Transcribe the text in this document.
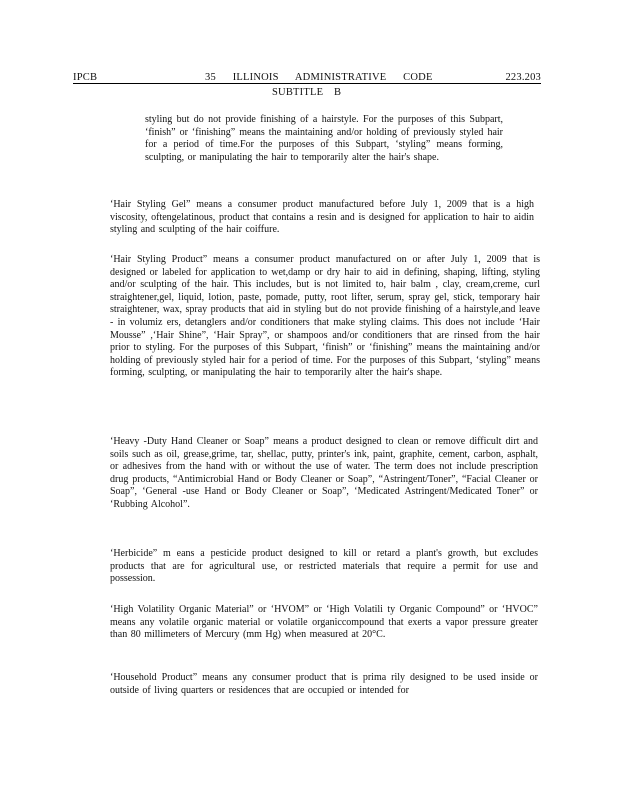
IPCB	35 ILLINOIS ADMINISTRATIVE CODE	223.203
SUBTITLE B
styling but do not provide finishing of a hairstyle. For the purposes of this Subpart, ‘finish” or ‘finishing” means the maintaining and/or holding of previously styled hair for a period of time.For the purposes of this Subpart, ‘styling” means forming, sculpting, or manipulating the hair to temporarily alter the hair's shape.
‘Hair Styling Gel” means a consumer product manufactured before July 1, 2009 that is a high viscosity, oftengelatinous, product that contains a resin and is designed for application to hair to aidin styling and sculpting of the hair coiffure.
‘Hair Styling Product” means a consumer product manufactured on or after July 1, 2009 that is designed or labeled for application to wet,damp or dry hair to aid in defining, shaping, lifting, styling and/or sculpting of the hair. This includes, but is not limited to, hair balm , clay, cream,creme, curl straightener,gel, liquid, lotion, paste, pomade, putty, root lifter, serum, spray gel, stick, temporary hair straightener, wax, spray products that aid in styling but do not provide finishing of a hairstyle,and leave - in volumiz ers, detanglers and/or conditioners that make styling claims. This does not include ‘Hair Mousse” ,‘Hair Shine”, ‘Hair Spray”, or shampoos and/or conditioners that are rinsed from the hair prior to styling. For the purposes of this Subpart, ‘finish” or ‘finishing” means the maintaining and/or holding of previously styled hair for a period of time. For the purposes of this Subpart, ‘styling” means forming, sculpting, or manipulating the hair to temporarily alter the hair's shape.
‘Heavy -Duty Hand Cleaner or Soap” means a product designed to clean or remove difficult dirt and soils such as oil, grease,grime, tar, shellac, putty, printer's ink, paint, graphite, cement, carbon, asphalt, or adhesives from the hand with or without the use of water. The term does not include prescription drug products, “Antimicrobial Hand or Body Cleaner or Soap”, “Astringent/Toner”, “Facial Cleaner or Soap”, ‘General -use Hand or Body Cleaner or Soap”, ‘Medicated Astringent/Medicated Toner” or ‘Rubbing Alcohol”.
‘Herbicide” m eans a pesticide product designed to kill or retard a plant's growth, but excludes products that are for agricultural use, or restricted materials that require a permit for use and possession.
‘High Volatility Organic Material” or ‘HVOM” or ‘High Volatili ty Organic Compound” or ‘HVOC” means any volatile organic material or volatile organiccompound that exerts a vapor pressure greater than 80 millimeters of Mercury (mm Hg) when measured at 20°C.
‘Household Product” means any consumer product that is prima rily designed to be used inside or outside of living quarters or residences that are occupied or intended for
